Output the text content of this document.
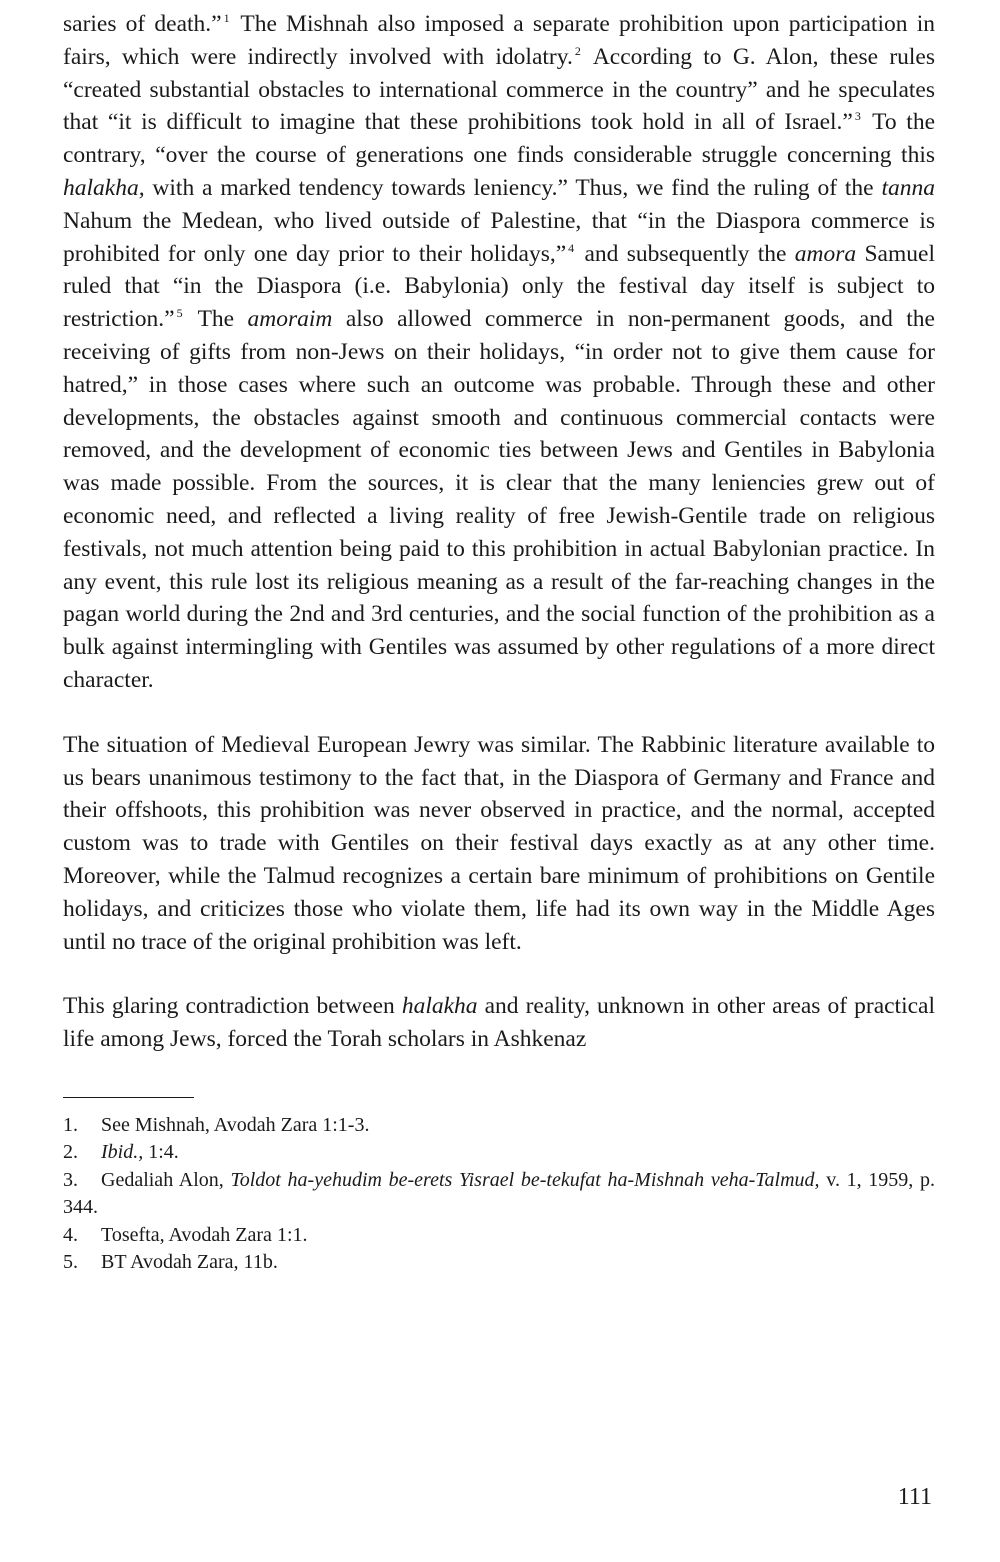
saries of death.” $^1$ The Mishnah also imposed a separate prohibition upon participation in fairs, which were indirectly involved with idolatry. $^2$ According to G. Alon, these rules “created substantial obstacles to international commerce in the country” and he speculates that “it is difficult to imagine that these prohibitions took hold in all of Israel.” $^3$ To the contrary, “over the course of generations one finds considerable struggle concerning this halakha, with a marked tendency towards leniency.” Thus, we find the ruling of the tanna Nahum the Medean, who lived outside of Palestine, that “in the Diaspora commerce is prohibited for only one day prior to their holidays,” $^4$ and subsequently the amora Samuel ruled that “in the Diaspora (i.e. Babylonia) only the festival day itself is subject to restriction.” $^5$ The amoraim also allowed commerce in non-permanent goods, and the receiving of gifts from non-Jews on their holidays, “in order not to give them cause for hatred,” in those cases where such an outcome was probable. Through these and other developments, the obstacles against smooth and continuous commercial contacts were removed, and the development of economic ties between Jews and Gentiles in Babylonia was made possible. From the sources, it is clear that the many leniencies grew out of economic need, and reflected a living reality of free Jewish-Gentile trade on religious festivals, not much attention being paid to this prohibition in actual Babylonian practice. In any event, this rule lost its religious meaning as a result of the far-reaching changes in the pagan world during the 2nd and 3rd centuries, and the social function of the prohibition as a bulk against intermingling with Gentiles was assumed by other regulations of a more direct character.

The situation of Medieval European Jewry was similar. The Rabbinic literature available to us bears unanimous testimony to the fact that, in the Diaspora of Germany and France and their offshoots, this prohibition was never observed in practice, and the normal, accepted custom was to trade with Gentiles on their festival days exactly as at any other time. Moreover, while the Talmud recognizes a certain bare minimum of prohibitions on Gentile holidays, and criticizes those who violate them, life had its own way in the Middle Ages until no trace of the original prohibition was left.

This glaring contradiction between halakha and reality, unknown in other areas of practical life among Jews, forced the Torah scholars in Ashkenaz

1. See Mishnah, Avodah Zara 1:1-3.

2. Ibid., 1:4.

3. Gedaliah Alon, Toldot ha-yehudim be-erets Yisrael be-tekufat ha-Mishnah veha-Talmud, v. 1, 1959, p. 344.

4. Tosefta, Avodah Zara 1:1.

5. BT Avodah Zara, 11b.

111
